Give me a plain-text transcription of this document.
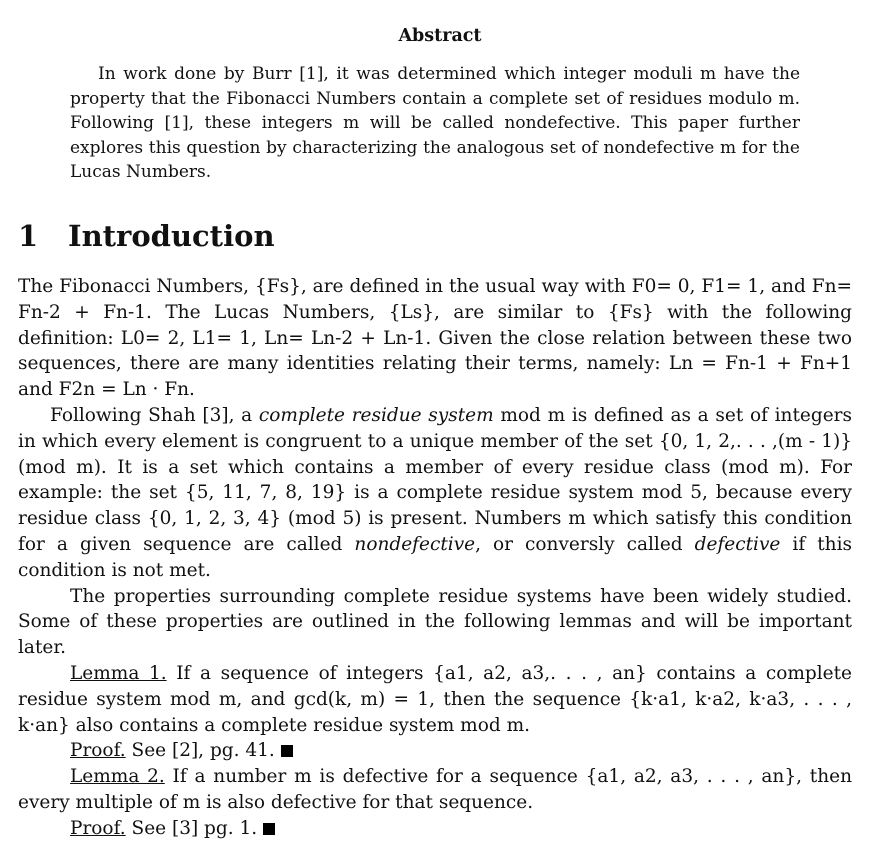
Abstract
In work done by Burr [1], it was determined which integer moduli m have the property that the Fibonacci Numbers contain a complete set of residues modulo m. Following [1], these integers m will be called nondefective. This paper further explores this question by characterizing the analogous set of nondefective m for the Lucas Numbers.
1 Introduction

The Fibonacci Numbers, {Fs}, are defined in the usual way with F0= 0, F1= 1, and Fn= Fn-2 + Fn-1. The Lucas Numbers, {Ls}, are similar to {Fs} with the following definition: L0= 2, L1= 1, Ln= Ln-2 + Ln-1. Given the close relation between these two sequences, there are many identities relating their terms, namely: Ln = Fn-1 + Fn+1 and F2n = Ln · Fn.

Following Shah [3], a complete residue system mod m is defined as a set of integers in which every element is congruent to a unique member of the set {0, 1, 2,. . . ,(m - 1)} (mod m). It is a set which contains a member of every residue class (mod m). For example: the set {5, 11, 7, 8, 19} is a complete residue system mod 5, because every residue class {0, 1, 2, 3, 4} (mod 5) is present. Numbers m which satisfy this condition for a given sequence are called nondefective, or conversly called defective if this condition is not met.

The properties surrounding complete residue systems have been widely studied. Some of these properties are outlined in the following lemmas and will be important later.

Lemma 1. If a sequence of integers {a1, a2, a3,. . . , an} contains a complete residue system mod m, and gcd(k, m) = 1, then the sequence {k·a1, k·a2, k·a3, . . . , k·an} also contains a complete residue system mod m.

Proof. See [2], pg. 41.

Lemma 2. If a number m is defective for a sequence {a1, a2, a3, . . . , an}, then every multiple of m is also defective for that sequence.

Proof. See [3] pg. 1.
